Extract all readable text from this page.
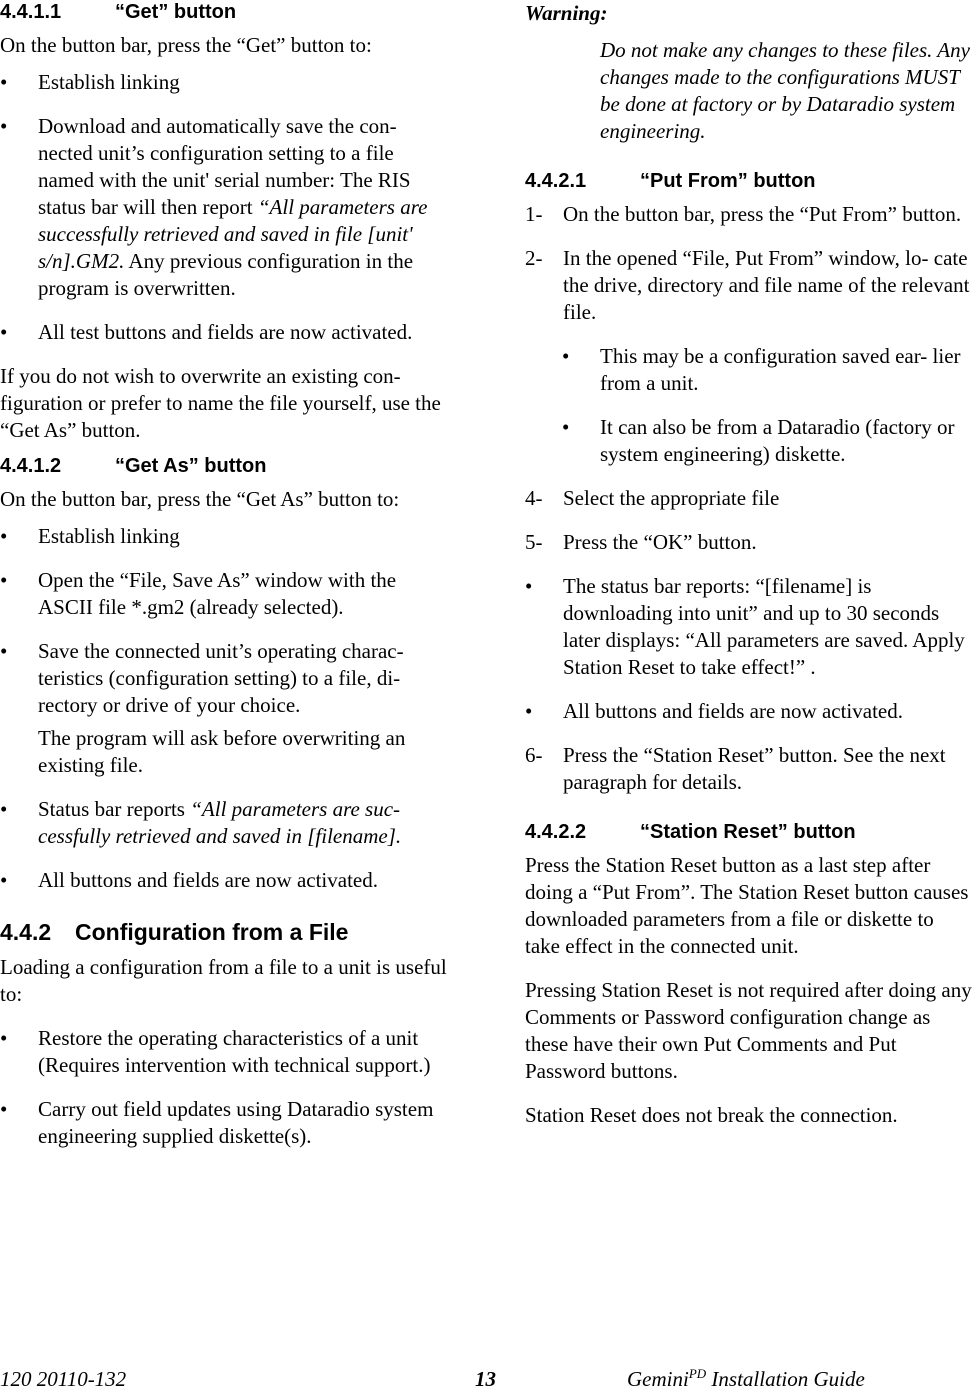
4.4.1.1	“Get” button

On the button bar, press the “Get” button to:

• Establish linking
• Download and automatically save the con- nected unit’s configuration setting to a file named with the unit' serial number: The RIS status bar will then report “All parameters are successfully retrieved and saved in file [unit' s/n].GM2. Any previous configuration in the program is overwritten.
• All test buttons and fields are now activated.

If you do not wish to overwrite an existing con- figuration or prefer to name the file yourself, use the “Get As” button.

4.4.1.2	“Get As” button

On the button bar, press the “Get As” button to:

• Establish linking
• Open the “File, Save As” window with the ASCII file *.gm2 (already selected).
• Save the connected unit’s operating charac- teristics (configuration setting) to a file, di- rectory or drive of your choice.
The program will ask before overwriting an existing file.
• Status bar reports “All parameters are suc- cessfully retrieved and saved in [filename].
• All buttons and fields are now activated.
4.4.2 Configuration from a File

Loading a configuration from a file to a unit is useful to:

• Restore the operating characteristics of a unit (Requires intervention with technical support.)
• Carry out field updates using Dataradio system engineering supplied diskette(s).
Warning:
Do not make any changes to these files. Any changes made to the configurations MUST be done at factory or by Dataradio system engineering.
4.4.2.1	“Put From” button
1- On the button bar, press the “Put From” button.
2- In the opened “File, Put From” window, lo- cate the drive, directory and file name of the relevant file.
• This may be a configuration saved ear- lier from a unit.
• It can also be from a Dataradio (factory or system engineering) diskette.
4- Select the appropriate file
5- Press the “OK” button.
• The status bar reports: “[filename] is downloading into unit” and up to 30 seconds later displays: “All parameters are saved. Apply Station Reset to take effect!” .
• All buttons and fields are now activated.
6- Press the “Station Reset” button. See the next paragraph for details.
4.4.2.2	“Station Reset” button

Press the Station Reset button as a last step after doing a “Put From”. The Station Reset button causes downloaded parameters from a file or diskette to take effect in the connected unit.

Pressing Station Reset is not required after doing any Comments or Password configuration change as these have their own Put Comments and Put Password buttons.

Station Reset does not break the connection.

120 20110-132	13	Gemini$^{PD}$ Installation Guide
